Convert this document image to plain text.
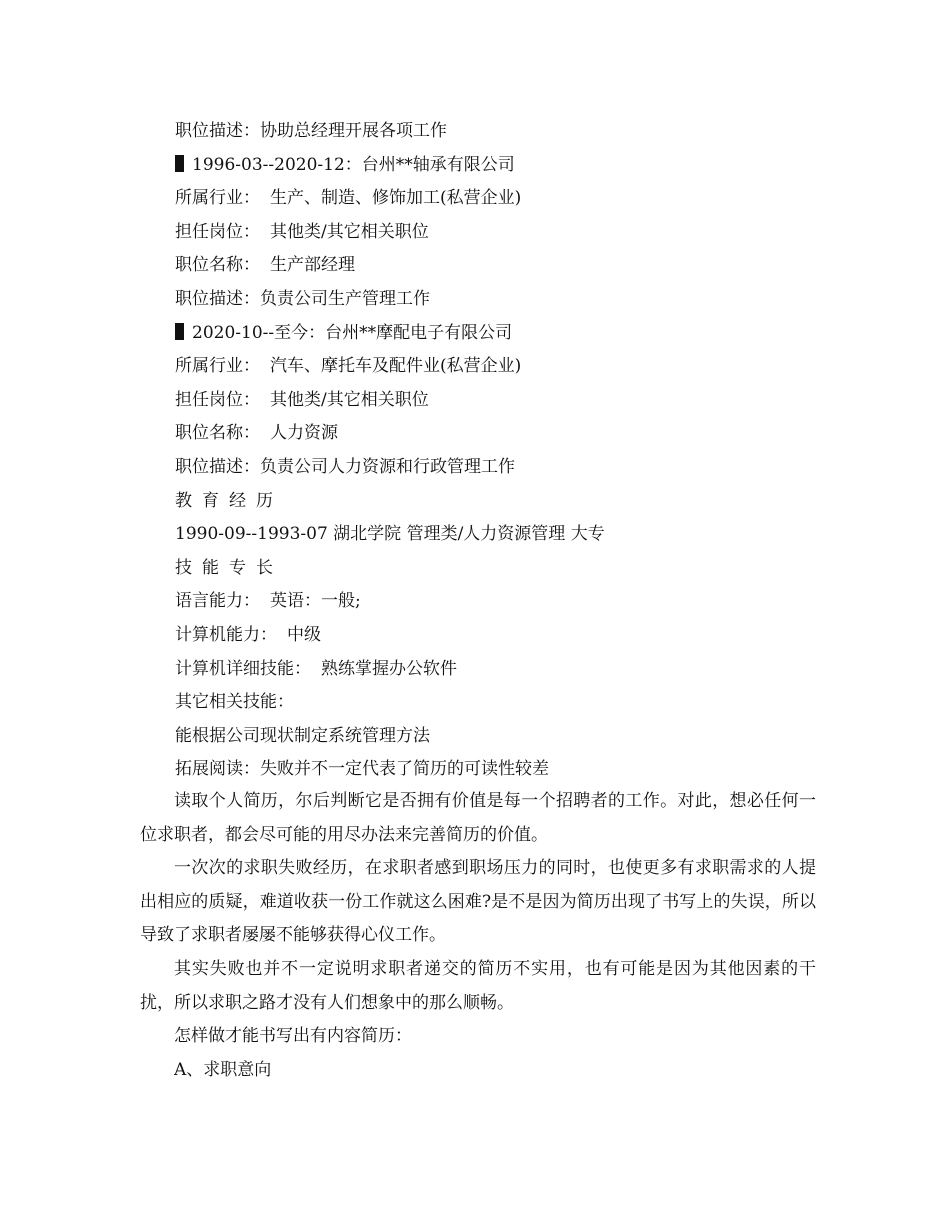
职位描述：协助总经理开展各项工作
1996-03--2020-12：台州**轴承有限公司
所属行业： 生产、制造、修饰加工(私营企业)
担任岗位： 其他类/其它相关职位
职位名称： 生产部经理
职位描述：负责公司生产管理工作
2020-10--至今：台州**摩配电子有限公司
所属行业： 汽车、摩托车及配件业(私营企业)
担任岗位： 其他类/其它相关职位
职位名称： 人力资源
职位描述：负责公司人力资源和行政管理工作
教育经历
1990-09--1993-07 湖北学院 管理类/人力资源管理 大专
技能专长
语言能力： 英语：一般;
计算机能力： 中级
计算机详细技能： 熟练掌握办公软件
其它相关技能：
能根据公司现状制定系统管理方法
拓展阅读：失败并不一定代表了简历的可读性较差

读取个人简历，尔后判断它是否拥有价值是每一个招聘者的工作。对此，想必任何一位求职者，都会尽可能的用尽办法来完善简历的价值。

一次次的求职失败经历，在求职者感到职场压力的同时，也使更多有求职需求的人提出相应的质疑，难道收获一份工作就这么困难?是不是因为简历出现了书写上的失误，所以导致了求职者屡屡不能够获得心仪工作。

其实失败也并不一定说明求职者递交的简历不实用，也有可能是因为其他因素的干扰，所以求职之路才没有人们想象中的那么顺畅。

怎样做才能书写出有内容简历：

A、求职意向
